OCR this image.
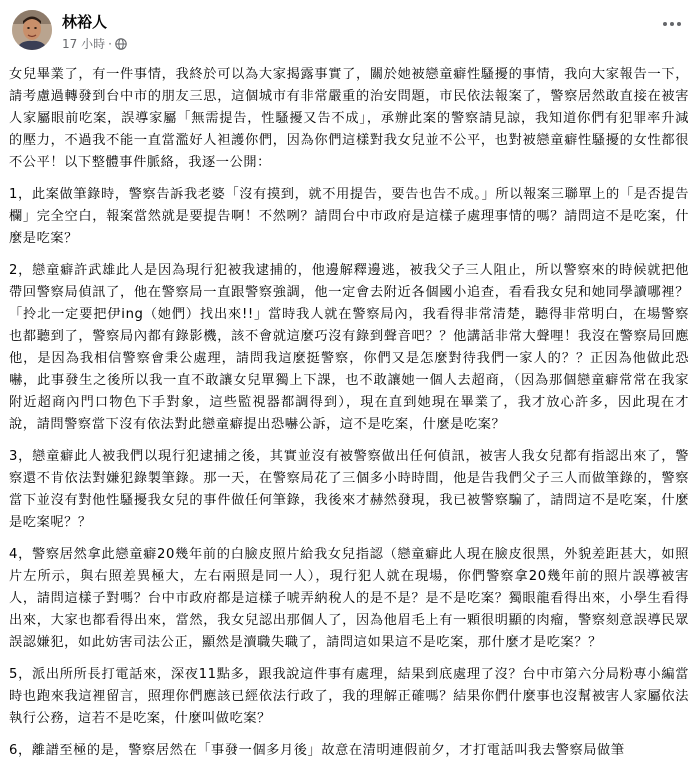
林裕人
17 小時 ·

女兒畢業了，有一件事情，我終於可以為大家揭露事實了，關於她被戀童癖性騷擾的事情，我向大家報告一下，請考慮過轉發到台中市的朋友三思，這個城市有非常嚴重的治安問題，市民依法報案了，警察居然敢直接在被害人家屬眼前吃案，誤導家屬「無需提告，性騷擾又告不成」，承辦此案的警察請見諒，我知道你們有犯罪率升減的壓力，不過我不能一直當濫好人袒護你們，因為你們這樣對我女兒並不公平，也對被戀童癖性騷擾的女性都很不公平！以下整體事件脈絡，我逐一公開：

1，此案做筆錄時，警察告訴我老婆「沒有摸到，就不用提告，要告也告不成。」所以報案三聯單上的「是否提告欄」完全空白，報案當然就是要提告啊！不然咧？請問台中市政府是這樣子處理事情的嗎？請問這不是吃案，什麼是吃案？

2，戀童癖許武雄此人是因為現行犯被我逮捕的，他邊解釋邊逃，被我父子三人阻止，所以警察來的時候就把他帶回警察局偵訊了，他在警察局一直跟警察強調，他一定會去附近各個國小追查，看看我女兒和她同學讀哪裡？「拎北一定要把伊ing（她們）找出來!!」當時我人就在警察局內，我看得非常清楚，聽得非常明白，在場警察也都聽到了，警察局內都有錄影機，該不會就這麼巧沒有錄到聲音吧？？他講話非常大聲哩！我沒在警察局回應他，是因為我相信警察會秉公處理，請問我這麼挺警察，你們又是怎麼對待我們一家人的？？正因為他做此恐嚇，此事發生之後所以我一直不敢讓女兒單獨上下課，也不敢讓她一個人去超商，（因為那個戀童癖常常在我家附近超商內門口物色下手對象，這些監視器都調得到），現在直到她現在畢業了，我才放心許多，因此現在才說，請問警察當下沒有依法對此戀童癖提出恐嚇公訴，這不是吃案，什麼是吃案？

3，戀童癖此人被我們以現行犯逮捕之後，其實並沒有被警察做出任何偵訊，被害人我女兒都有指認出來了，警察還不肯依法對嫌犯錄製筆錄。那一天，在警察局花了三個多小時時間，他是告我們父子三人而做筆錄的，警察當下並沒有對他性騷擾我女兒的事件做任何筆錄，我後來才赫然發現，我已被警察騙了，請問這不是吃案，什麼是吃案呢？？

4，警察居然拿此戀童癖20幾年前的白臉皮照片給我女兒指認（戀童癖此人現在臉皮很黑，外貌差距甚大，如照片左所示，與右照差異極大，左右兩照是同一人），現行犯人就在現場，你們警察拿20幾年前的照片誤導被害人，請問這樣子對嗎？台中市政府都是這樣子唬弄納稅人的是不是？是不是吃案？獨眼龍看得出來，小學生看得出來，大家也都看得出來，當然，我女兒認出那個人了，因為他眉毛上有一顆很明顯的肉瘤，警察刻意誤導民眾誤認嫌犯，如此妨害司法公正，顯然是瀆職失職了，請問這如果這不是吃案，那什麼才是吃案？？

5，派出所所長打電話來，深夜11點多，跟我說這件事有處理，結果到底處理了沒？台中市第六分局粉專小編當時也跑來我這裡留言，照理你們應該已經依法行政了，我的理解正確嗎？結果你們什麼事也沒幫被害人家屬依法執行公務，這若不是吃案，什麼叫做吃案？

6，離譜至極的是，警察居然在「事發一個多月後」故意在清明連假前夕，才打電話叫我去警察局做筆
